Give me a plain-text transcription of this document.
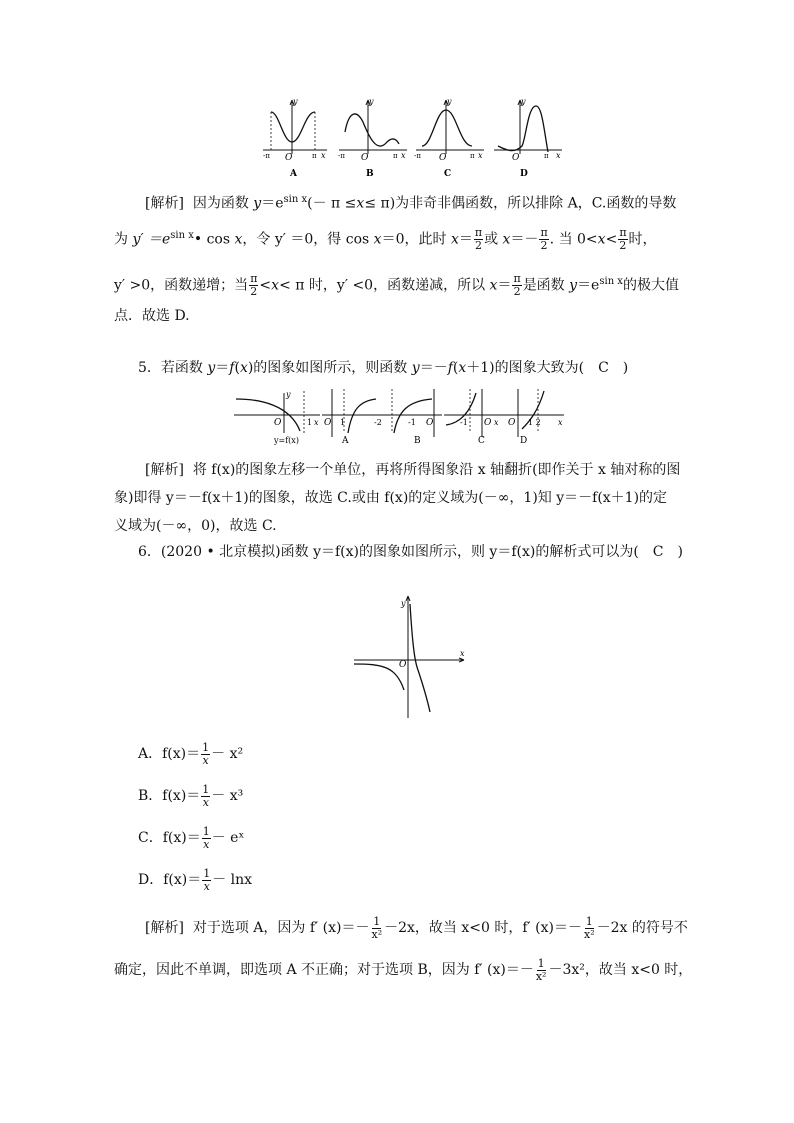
O
y
x
-π	π
A
O
y
x
-π	π
B
O
y
x
-π	π
C
O
y
x
π
D
[解析] 因为函数 $y=e^{sin x}(- \pi \le x\le \pi)$为非奇非偶函数，所以排除 A，C.函数的导数
为 $y' =e^{sin x}•$ cos x，令 y′ ＝0，得 cos x＝0，此时 $x= \frac{\pi}{2}$ 或 $x=- \frac{\pi}{2}$ . 当 $0<x< \frac{\pi}{2}$ 时，
y′ >0，函数递增；当 $\frac{\pi}{2} <x< \pi$ 时，y′ <0，函数递减，所以 $x= \frac{\pi}{2}$ 是函数 $y=e^{sin x}$的极大值
点．故选 D.
5．若函数 y＝f(x)的图象如图所示，则函数 y＝－f(x＋1)的图象大致为(　C　)
O
y
1 x
y=f(x)
O 1
A
-2	-1 O
B
-1 O x
C
O 1 2 x
D
[解析] 将 f(x)的图象左移一个单位，再将所得图象沿 x 轴翻折(即作关于 x 轴对称的图
象)即得 y＝－f(x＋1)的图象，故选 C.或由 f(x)的定义域为(－∞，1)知 y＝－f(x＋1)的定
义域为(－∞，0)，故选 C.
6．(2020 • 北京模拟)函数 y＝f(x)的图象如图所示，则 y＝f(x)的解析式可以为(　C　)
O
y
x
A．$f(x)= \frac{1}{x} - x^2$
B．$f(x)= \frac{1}{x} - x^3$
C．$f(x)= \frac{1}{x}$ － eˣ
D．$f(x)= \frac{1}{x} - \ln x$
[解析] 对于选项 A，因为 f′ $(x)=- \frac{1}{\text{x²}} -2x$，故当 x<0 时，f′ $(x)=- \frac{1}{\text{x²}} -2x$ 的符号不
确定，因此不单调，即选项 A 不正确；对于选项 B，因为 f′ $(x)=- \frac{1}{\text{x²}} -3x^2$，故当 x<0 时，
